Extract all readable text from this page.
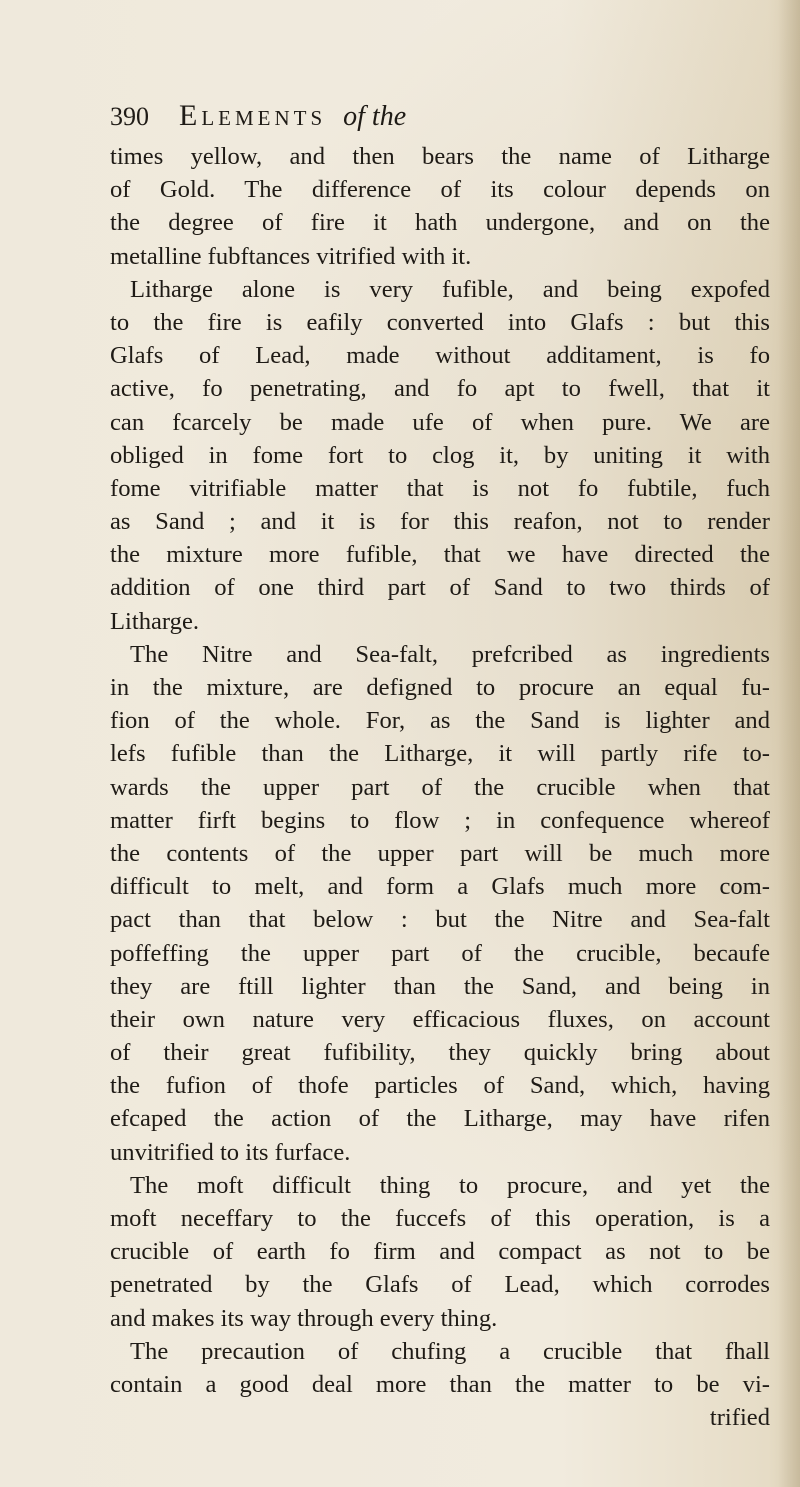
390 Elements of the
times yellow, and then bears the name of Litharge
of Gold. The difference of its colour depends on
the degree of fire it hath undergone, and on the
metalline fubftances vitrified with it.
Litharge alone is very fufible, and being expofed
to the fire is eafily converted into Glafs : but this
Glafs of Lead, made without additament, is fo
active, fo penetrating, and fo apt to fwell, that it
can fcarcely be made ufe of when pure. We are
obliged in fome fort to clog it, by uniting it with
fome vitrifiable matter that is not fo fubtile, fuch
as Sand ; and it is for this reafon, not to render
the mixture more fufible, that we have directed the
addition of one third part of Sand to two thirds of
Litharge.
The Nitre and Sea-falt, prefcribed as ingredients
in the mixture, are defigned to procure an equal fu-
fion of the whole. For, as the Sand is lighter and
lefs fufible than the Litharge, it will partly rife to-
wards the upper part of the crucible when that
matter firft begins to flow ; in confequence whereof
the contents of the upper part will be much more
difficult to melt, and form a Glafs much more com-
pact than that below : but the Nitre and Sea-falt
poffeffing the upper part of the crucible, becaufe
they are ftill lighter than the Sand, and being in
their own nature very efficacious fluxes, on account
of their great fufibility, they quickly bring about
the fufion of thofe particles of Sand, which, having
efcaped the action of the Litharge, may have rifen
unvitrified to its furface.
The moft difficult thing to procure, and yet the
moft neceffary to the fuccefs of this operation, is a
crucible of earth fo firm and compact as not to be
penetrated by the Glafs of Lead, which corrodes
and makes its way through every thing.
The precaution of chufing a crucible that fhall
contain a good deal more than the matter to be vi-
trified
